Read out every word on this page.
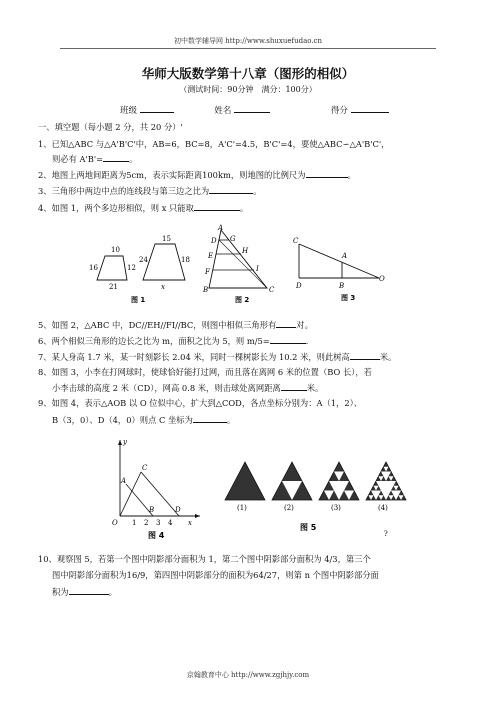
初中数学辅导网 http://www.shuxuefudao.cn
华师大版数学第十八章（图形的相似）
（测试时间：90分钟　满分：100分）
班级	姓名	得分
一、填空题（每小题 2 分，共 20 分）'
1、已知△ABC 与△A'B'C'中，AB=6，BC=8，A'C'=4.5，B'C'=4，要使△ABC∽△A'B'C'，
则必有 A'B'=	。
2、地图上两地间距离为5cm，表示实际距离100km，则地图的比例尺为	。
3、三角形中两边中点的连线段与第三边之比为	。
4、如图 1，两个多边形相似，则 x 只能取	。
10
16	12
21
15
24	18
x
图 1
A
D G
H
E
F	I
B	C
图 2
C
A
D	B
O
图 3
5、如图 2，△ABC 中，DC//EH//FI//BC，则图中相似三角形有 对。
6、两个相似三角形的边长之比为 m，面积之比为 5，则 m/5=	.
7、某人身高 1.7 米，某一时刻影长 2.04 米，同时一棵树影长为 10.2 米，则此树高	米。
8、如图 3，小李在打网球时，使球恰好能打过网，而且落在离网 6 米的位置（BO 长），若
小李击球的高度 2 米（CD），网高 0.8 米，则击球处离网距离	米。
9、如图 4，表示△AOB 以 O 位似中心，扩大到△COD，各点坐标分别为：A（1，2）、
B（3，0）、D（4，0）则点 C 坐标为	。
y
C
A
O 1 2 3 4 x
B	D
图 4
(1)	(2)	(3)	(4)
图 5
?
10、观察图 5，若第一个图中阴影部分面积为 1，第二个图中阴影部分面积为 4/3，第三个
图中阴影部分面积为16/9，第四图中阴影部分的面积为64/27，则第 n 个图中阴影部分面
积为	。
京翰教育中心 http://www.zgjhjy.com
